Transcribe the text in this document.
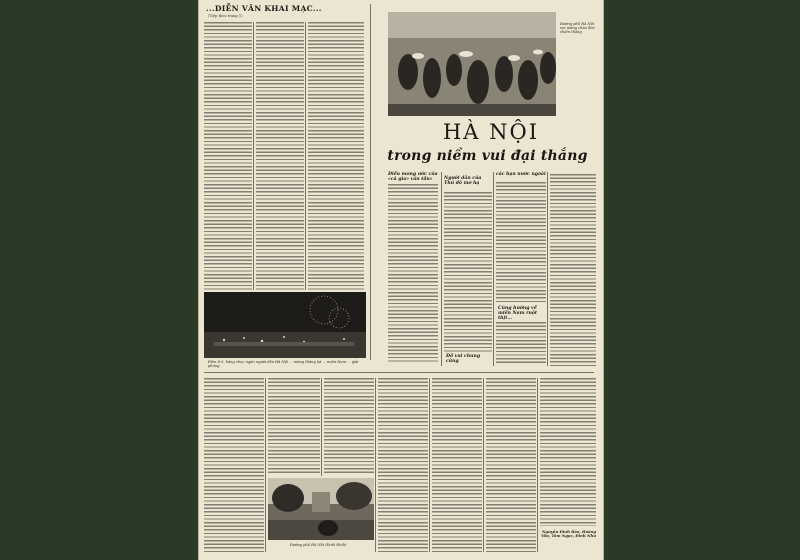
...DIỄN VĂN KHAI MẠC...
(Tiếp theo trang 1)
Đêm 8-5, hàng chục ngàn người dân Hà Nội ... mừng thắng lợi ... miền Nam ... giải phóng
Đường phố Hà Nội vui mừng chào đón chiến thắng
HÀ NỘI
trong niềm vui đại thắng
Điều mong ước của «cả gia» văn tần»	Người dân của Thủ đô mơ hạ
Đồ vui chung cùng
các bạn nước ngoài
Cùng hướng về miền Nam ruột thịt...
Đường phố Hà Nội (Đinh Đình)
Nguyễn Đình Bảo, Hoàng Vân, Tâm Ngọc, Đình Nhu
